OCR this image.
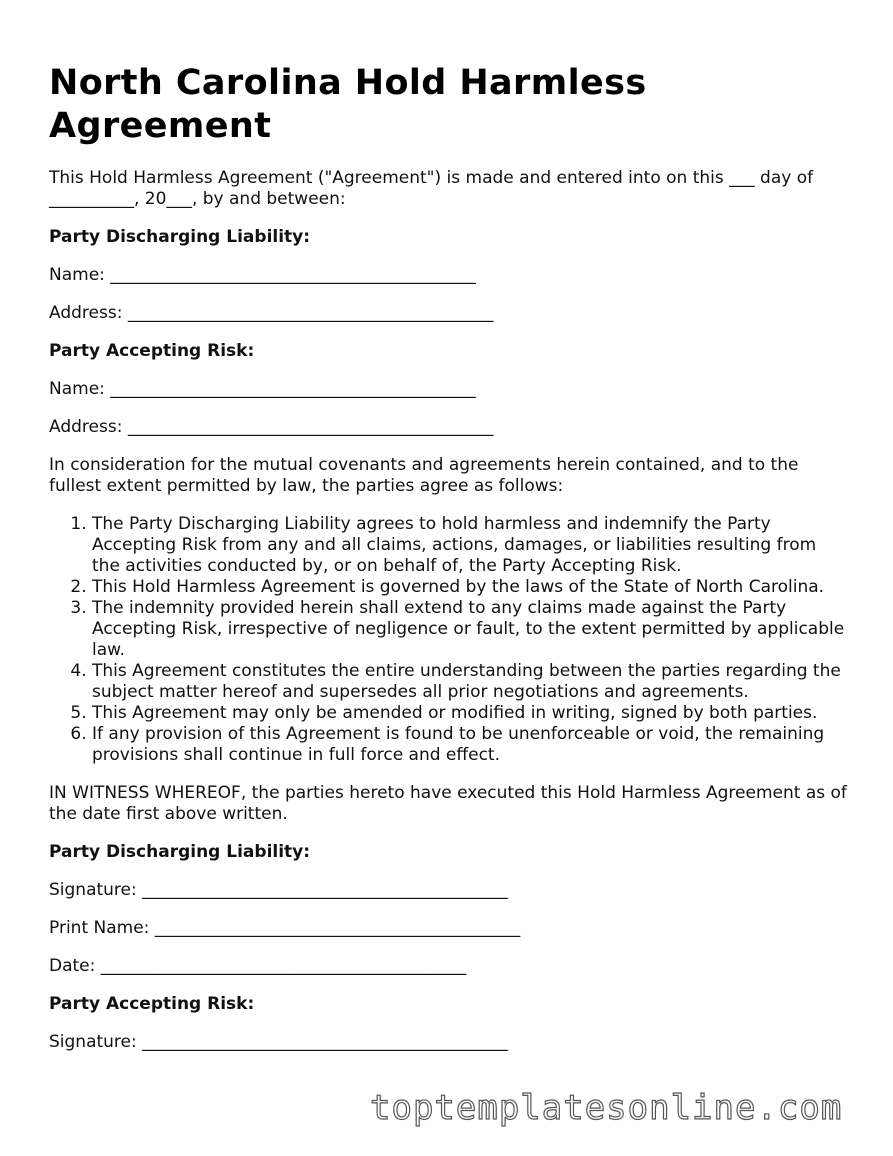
North Carolina Hold Harmless Agreement

This Hold Harmless Agreement ("Agreement") is made and entered into on this ___ day of __________, 20___, by and between:

Party Discharging Liability:

Name: ___________________________________________

Address: ___________________________________________

Party Accepting Risk:

Name: ___________________________________________

Address: ___________________________________________

In consideration for the mutual covenants and agreements herein contained, and to the fullest extent permitted by law, the parties agree as follows:

1. The Party Discharging Liability agrees to hold harmless and indemnify the Party Accepting Risk from any and all claims, actions, damages, or liabilities resulting from the activities conducted by, or on behalf of, the Party Accepting Risk.
2. This Hold Harmless Agreement is governed by the laws of the State of North Carolina.
3. The indemnity provided herein shall extend to any claims made against the Party Accepting Risk, irrespective of negligence or fault, to the extent permitted by applicable law.
4. This Agreement constitutes the entire understanding between the parties regarding the subject matter hereof and supersedes all prior negotiations and agreements.
5. This Agreement may only be amended or modified in writing, signed by both parties.
6. If any provision of this Agreement is found to be unenforceable or void, the remaining provisions shall continue in full force and effect.

IN WITNESS WHEREOF, the parties hereto have executed this Hold Harmless Agreement as of the date first above written.

Party Discharging Liability:

Signature: ___________________________________________

Print Name: ___________________________________________

Date: ___________________________________________

Party Accepting Risk:

Signature: ___________________________________________

toptemplatesonline.com
